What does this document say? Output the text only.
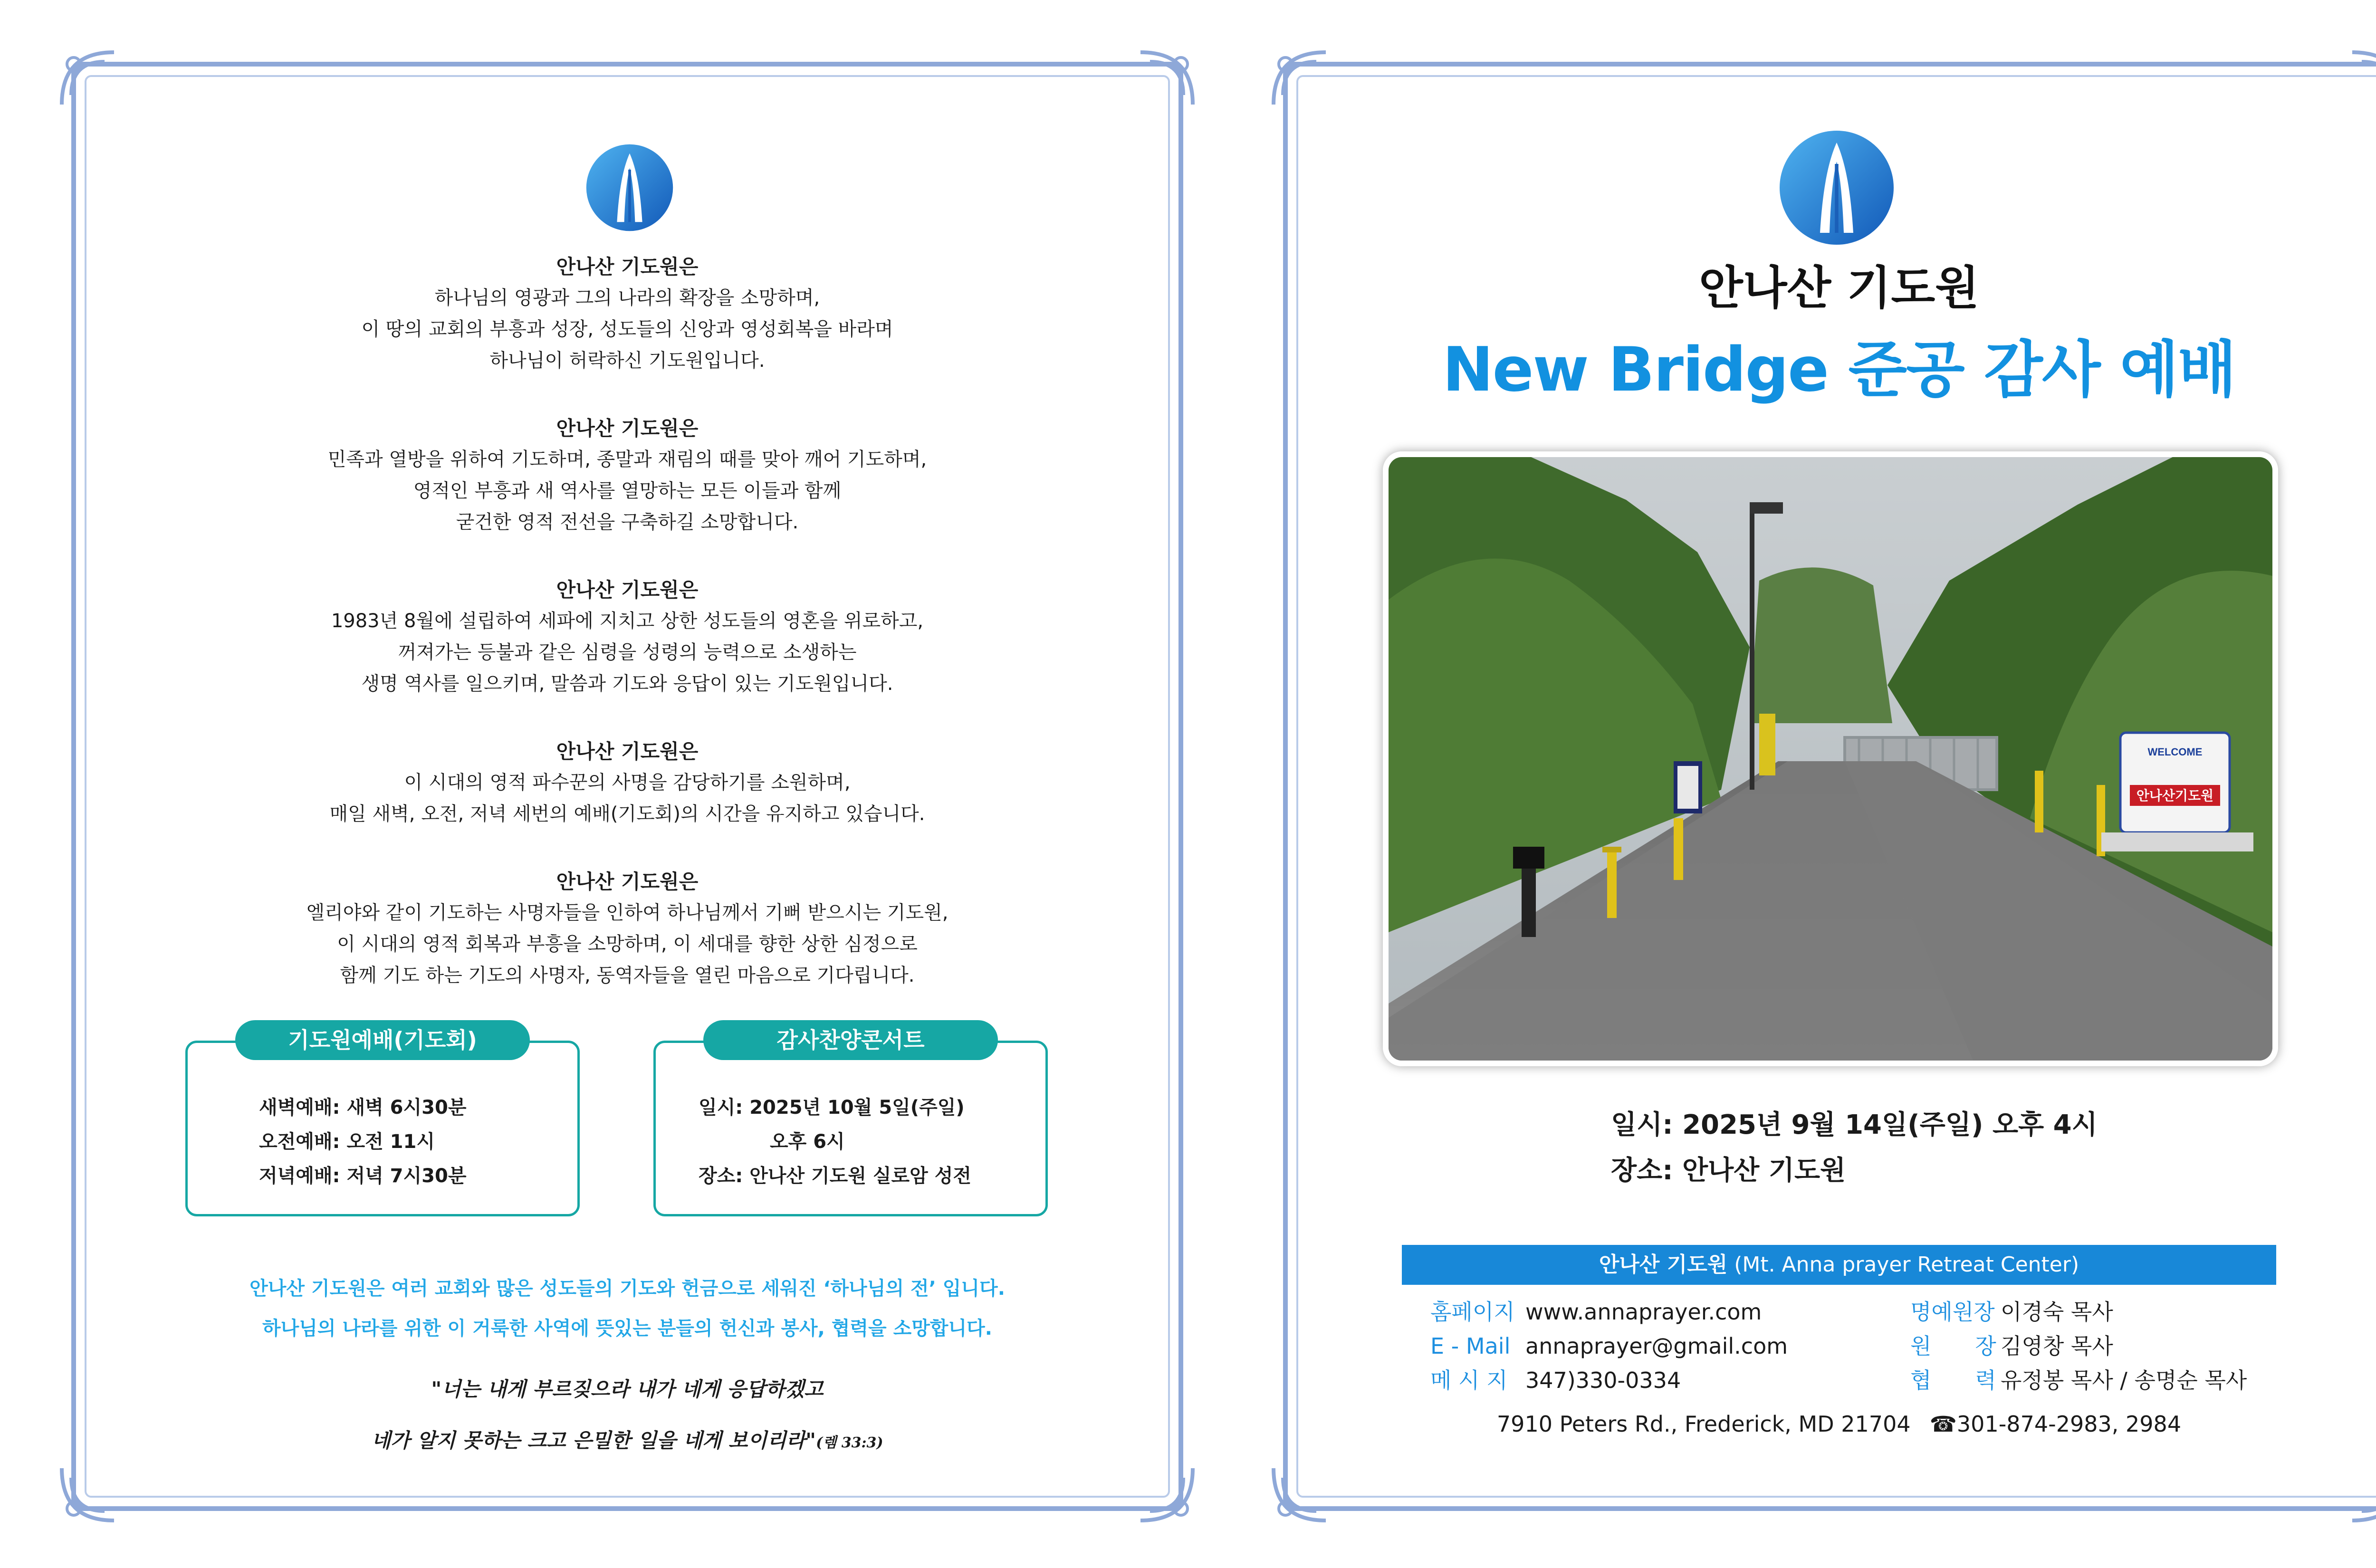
안나산 기도원은
하나님의 영광과 그의 나라의 확장을 소망하며,
이 땅의 교회의 부흥과 성장, 성도들의 신앙과 영성회복을 바라며
하나님이 허락하신 기도원입니다.
안나산 기도원은
민족과 열방을 위하여 기도하며, 종말과 재림의 때를 맞아 깨어 기도하며,
영적인 부흥과 새 역사를 열망하는 모든 이들과 함께
굳건한 영적 전선을 구축하길 소망합니다.
안나산 기도원은
1983년 8월에 설립하여 세파에 지치고 상한 성도들의 영혼을 위로하고,
꺼져가는 등불과 같은 심령을 성령의 능력으로 소생하는
생명 역사를 일으키며, 말씀과 기도와 응답이 있는 기도원입니다.
안나산 기도원은
이 시대의 영적 파수꾼의 사명을 감당하기를 소원하며,
매일 새벽, 오전, 저녁 세번의 예배(기도회)의 시간을 유지하고 있습니다.
안나산 기도원은
엘리야와 같이 기도하는 사명자들을 인하여 하나님께서 기뻐 받으시는 기도원,
이 시대의 영적 회복과 부흥을 소망하며, 이 세대를 향한 상한 심정으로
함께 기도 하는 기도의 사명자, 동역자들을 열린 마음으로 기다립니다.
기도원예배(기도회)
새벽예배: 새벽 6시30분
오전예배: 오전 11시
저녁예배: 저녁 7시30분
감사찬양콘서트
일시: 2025년 10월 5일(주일)
오후 6시
장소: 안나산 기도원 실로암 성전
안나산 기도원은 여러 교회와 많은 성도들의 기도와 헌금으로 세워진 ‘하나님의 전’ 입니다.
하나님의 나라를 위한 이 거룩한 사역에 뜻있는 분들의 헌신과 봉사, 협력을 소망합니다.
"너는 내게 부르짖으라 내가 네게 응답하겠고
네가 알지 못하는 크고 은밀한 일을 네게 보이리라"(렘 33:3)
안나산 기도원
New Bridge 준공 감사 예배
WELCOME
안나산기도원
일시: 2025년 9월 14일(주일) 오후 4시
장소: 안나산 기도원
안나산 기도원 (Mt. Anna prayer Retreat Center)
홈페이지 www.annaprayer.com
E - Mail annaprayer@gmail.com
메 시 지 347)330-0334
명예원장 이경숙 목사
원　　장 김영창 목사
협　　력 유정봉 목사 / 송명순 목사
7910 Peters Rd., Frederick, MD 21704 ☎301-874-2983, 2984
